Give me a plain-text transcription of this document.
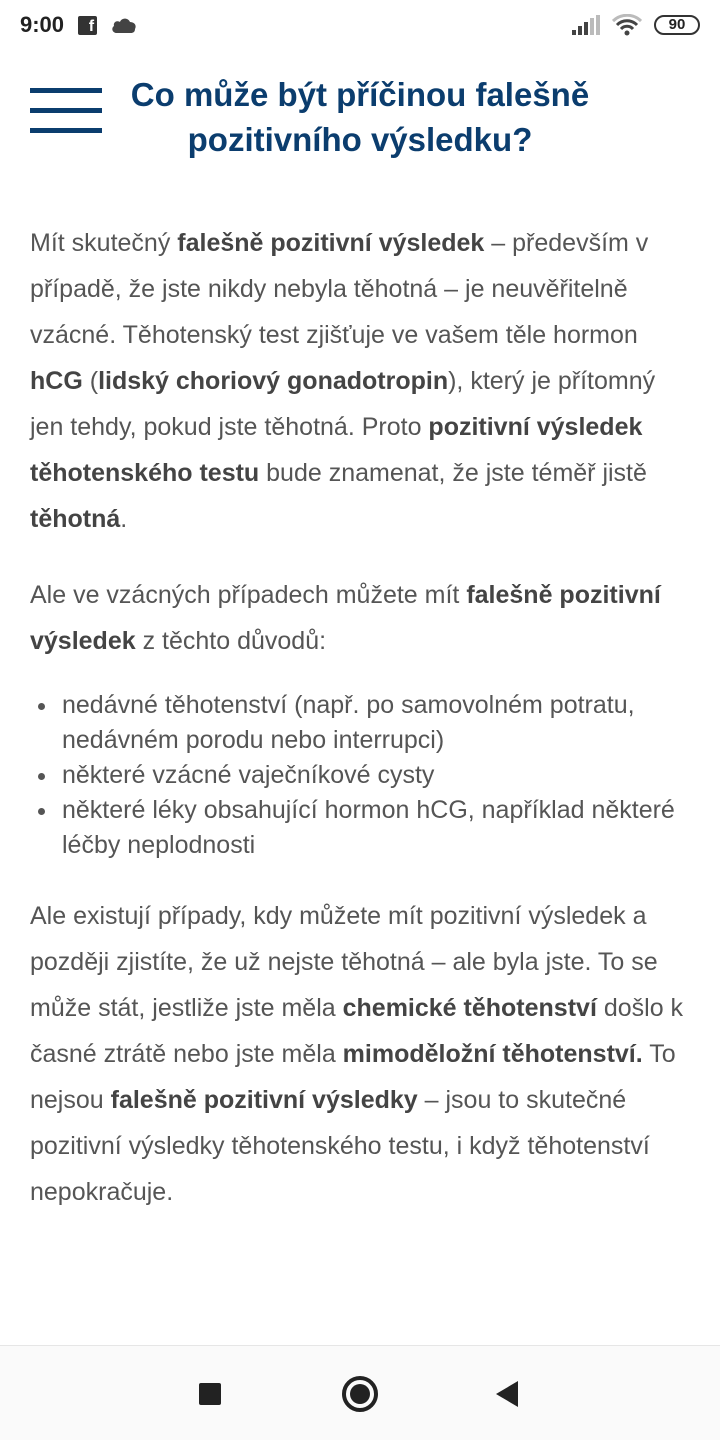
9:00	f	90
Co může být příčinou falešně pozitivního výsledku?

Mít skutečný falešně pozitivní výsledek – především v případě, že jste nikdy nebyla těhotná – je neuvěřitelně vzácné. Těhotenský test zjišťuje ve vašem těle hormon hCG (lidský choriový gonadotropin), který je přítomný jen tehdy, pokud jste těhotná. Proto pozitivní výsledek těhotenského testu bude znamenat, že jste téměř jistě těhotná.

Ale ve vzácných případech můžete mít falešně pozitivní výsledek z těchto důvodů:

nedávné těhotenství (např. po samovolném potratu, nedávném porodu nebo interrupci)
některé vzácné vaječníkové cysty
některé léky obsahující hormon hCG, například některé léčby neplodnosti

Ale existují případy, kdy můžete mít pozitivní výsledek a později zjistíte, že už nejste těhotná – ale byla jste. To se může stát, jestliže jste měla chemické těhotenství došlo k časné ztrátě nebo jste měla mimoděložní těhotenství. To nejsou falešně pozitivní výsledky – jsou to skutečné pozitivní výsledky těhotenského testu, i když těhotenství nepokračuje.
